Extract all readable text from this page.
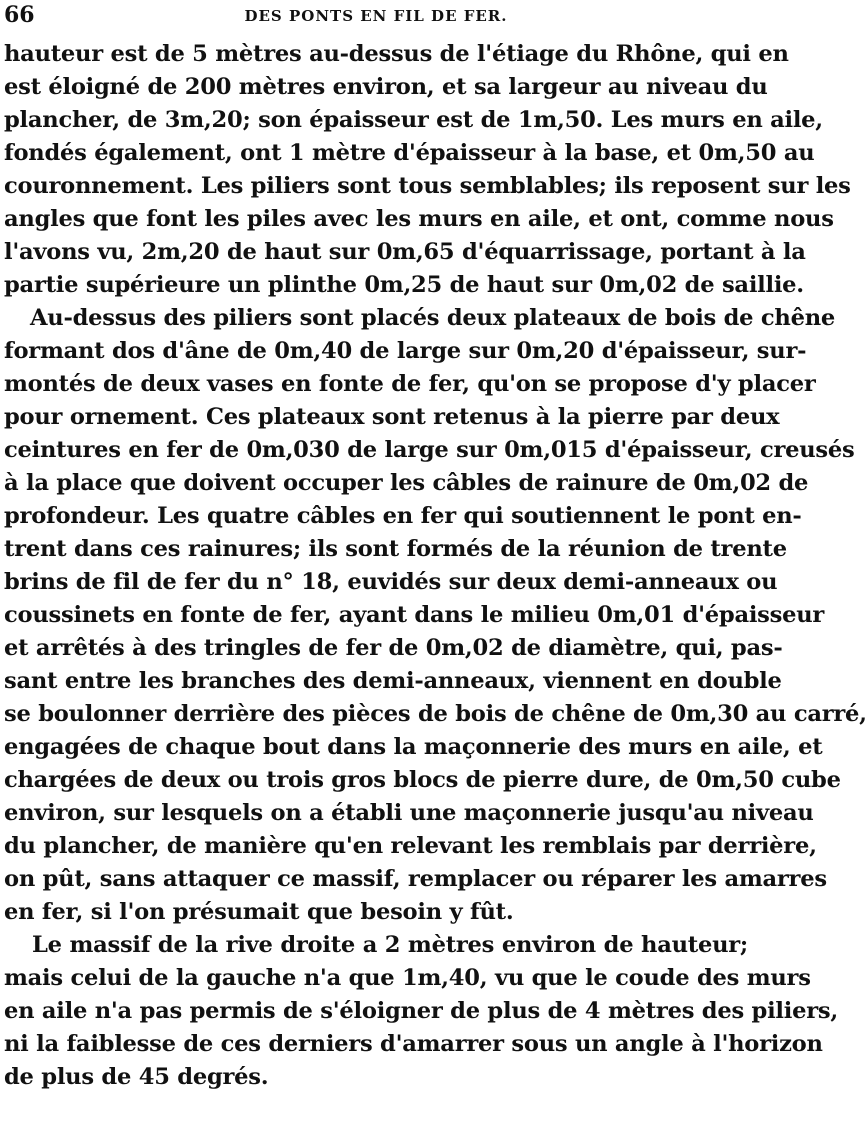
66	DES PONTS EN FIL DE FER.
hauteur est de 5 mètres au-dessus de l'étiage du Rhône, qui en
est éloigné de 200 mètres environ, et sa largeur au niveau du
plancher, de 3m,20; son épaisseur est de 1m,50. Les murs en aile,
fondés également, ont 1 mètre d'épaisseur à la base, et 0m,50 au
couronnement. Les piliers sont tous semblables; ils reposent sur les
angles que font les piles avec les murs en aile, et ont, comme nous
l'avons vu, 2m,20 de haut sur 0m,65 d'équarrissage, portant à la
partie supérieure un plinthe 0m,25 de haut sur 0m,02 de saillie.
Au-dessus des piliers sont placés deux plateaux de bois de chêne
formant dos d'âne de 0m,40 de large sur 0m,20 d'épaisseur, sur-
montés de deux vases en fonte de fer, qu'on se propose d'y placer
pour ornement. Ces plateaux sont retenus à la pierre par deux
ceintures en fer de 0m,030 de large sur 0m,015 d'épaisseur, creusés
à la place que doivent occuper les câbles de rainure de 0m,02 de
profondeur. Les quatre câbles en fer qui soutiennent le pont en-
trent dans ces rainures; ils sont formés de la réunion de trente
brins de fil de fer du n° 18, euvidés sur deux demi-anneaux ou
coussinets en fonte de fer, ayant dans le milieu 0m,01 d'épaisseur
et arrêtés à des tringles de fer de 0m,02 de diamètre, qui, pas-
sant entre les branches des demi-anneaux, viennent en double
se boulonner derrière des pièces de bois de chêne de 0m,30 au carré,
engagées de chaque bout dans la maçonnerie des murs en aile, et
chargées de deux ou trois gros blocs de pierre dure, de 0m,50 cube
environ, sur lesquels on a établi une maçonnerie jusqu'au niveau
du plancher, de manière qu'en relevant les remblais par derrière,
on pût, sans attaquer ce massif, remplacer ou réparer les amarres
en fer, si l'on présumait que besoin y fût.
Le massif de la rive droite a 2 mètres environ de hauteur;
mais celui de la gauche n'a que 1m,40, vu que le coude des murs
en aile n'a pas permis de s'éloigner de plus de 4 mètres des piliers,
ni la faiblesse de ces derniers d'amarrer sous un angle à l'horizon
de plus de 45 degrés.
